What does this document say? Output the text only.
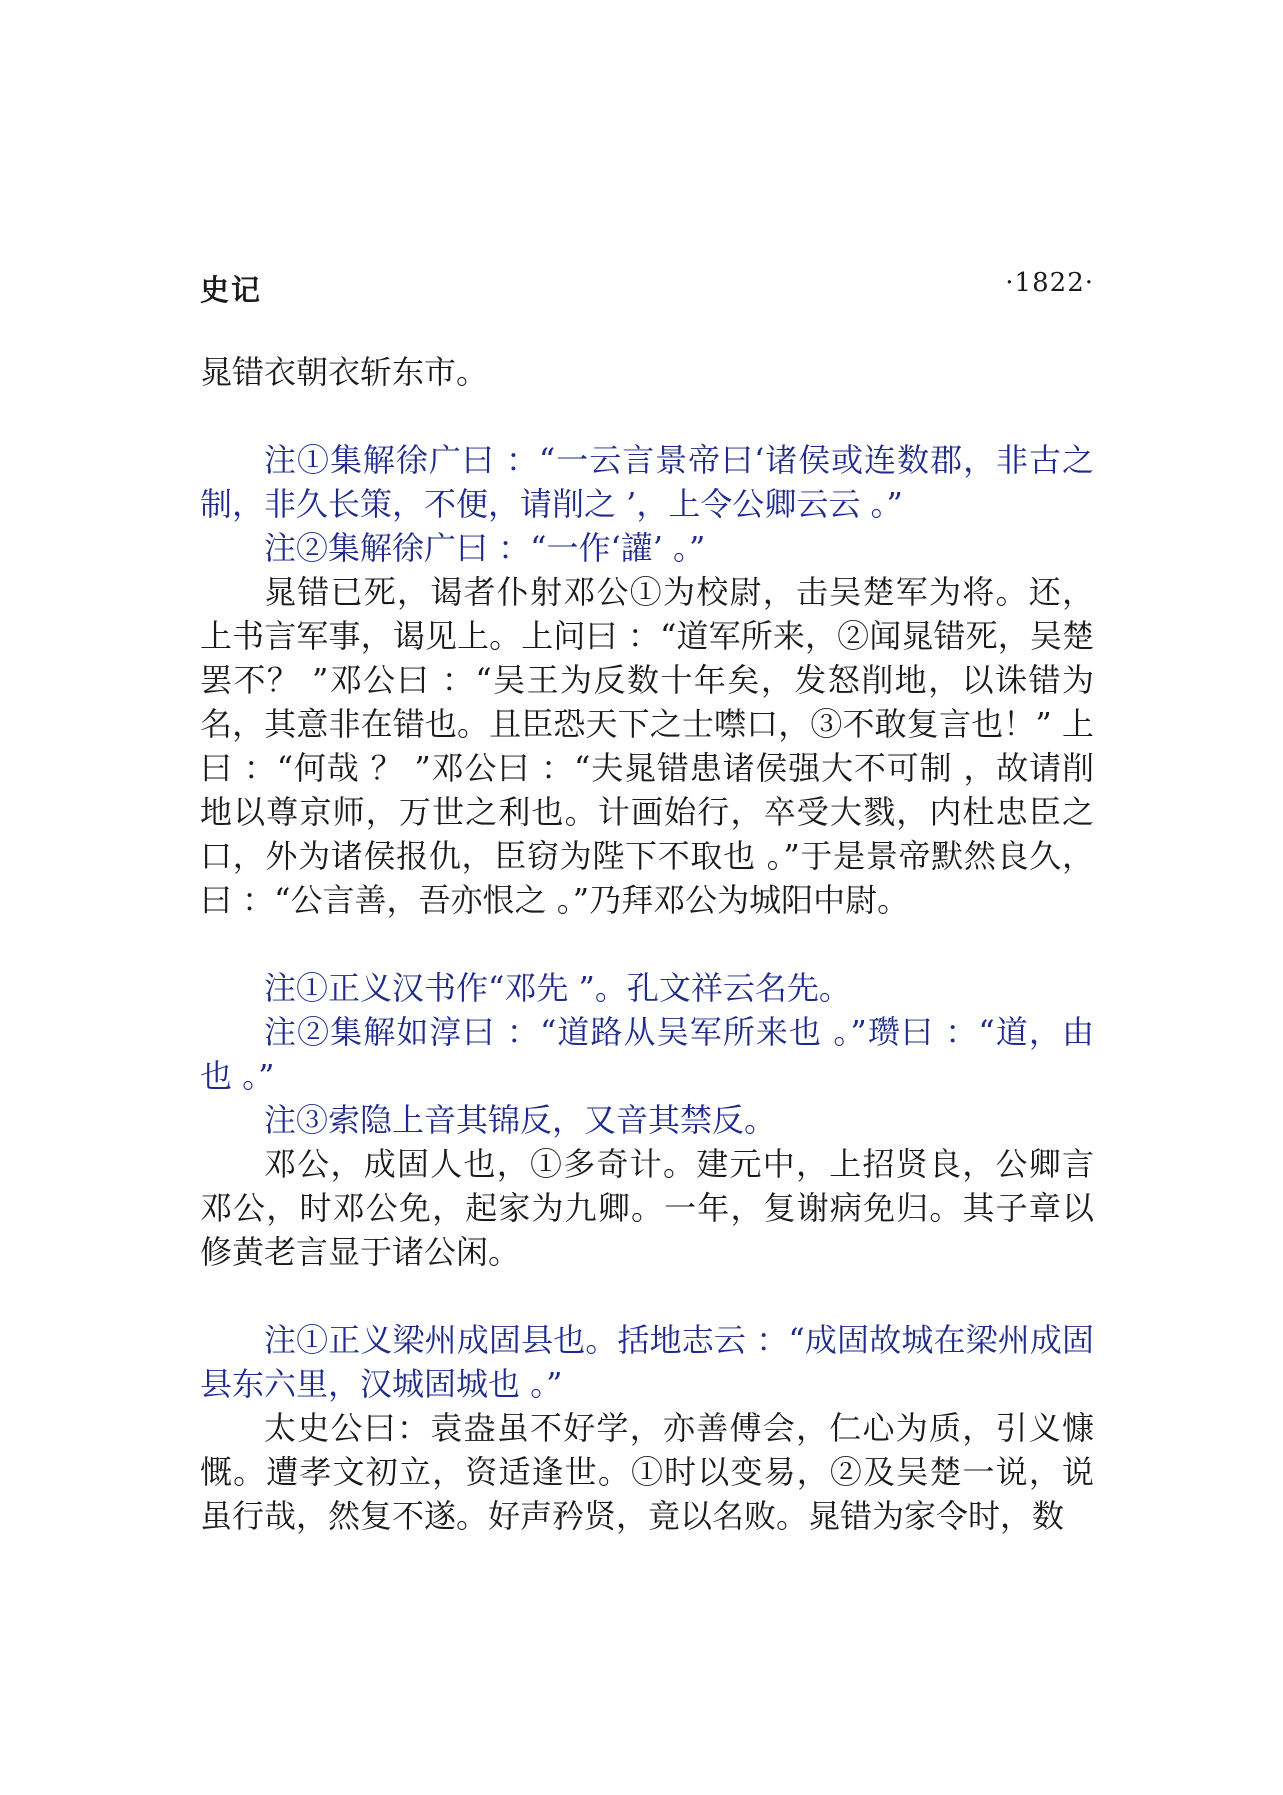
史记	·1822·

晁错衣朝衣斩东市。

注①集解徐广曰 ：“一云言景帝曰‘诸侯或连数郡，非古之制，非久长策，不便，请削之 ’，上令公卿云云 。”

注②集解徐广曰 ：“一作‘讙’ 。”

晁错已死，谒者仆射邓公①为校尉，击吴楚军为将。还，上书言军事，谒见上。上问曰 ：“道军所来，②闻晁错死，吴楚罢不？ ”邓公曰 ：“吴王为反数十年矣，发怒削地，以诛错为名，其意非在错也。且臣恐天下之士噤口，③不敢复言也！” 上曰 ：“何哉 ？ ”邓公曰 ：“夫晁错患诸侯强大不可制 ，故请削地以尊京师，万世之利也。计画始行，卒受大戮，内杜忠臣之口，外为诸侯报仇，臣窃为陛下不取也 。”于是景帝默然良久，曰 ：“公言善，吾亦恨之 。”乃拜邓公为城阳中尉。

注①正义汉书作“邓先 ”。孔文祥云名先。

注②集解如淳曰 ：“道路从吴军所来也 。”瓒曰 ：“道，由也 。”

注③索隐上音其锦反，又音其禁反。

邓公，成固人也，①多奇计。建元中，上招贤良，公卿言邓公，时邓公免，起家为九卿。一年，复谢病免归。其子章以修黄老言显于诸公闲。

注①正义梁州成固县也。括地志云 ：“成固故城在梁州成固县东六里，汉城固城也 。”

太史公曰：袁盎虽不好学，亦善傅会，仁心为质，引义慷慨。遭孝文初立，资适逢世。①时以变易，②及吴楚一说，说虽行哉，然复不遂。好声矜贤，竟以名败。晁错为家令时，数
